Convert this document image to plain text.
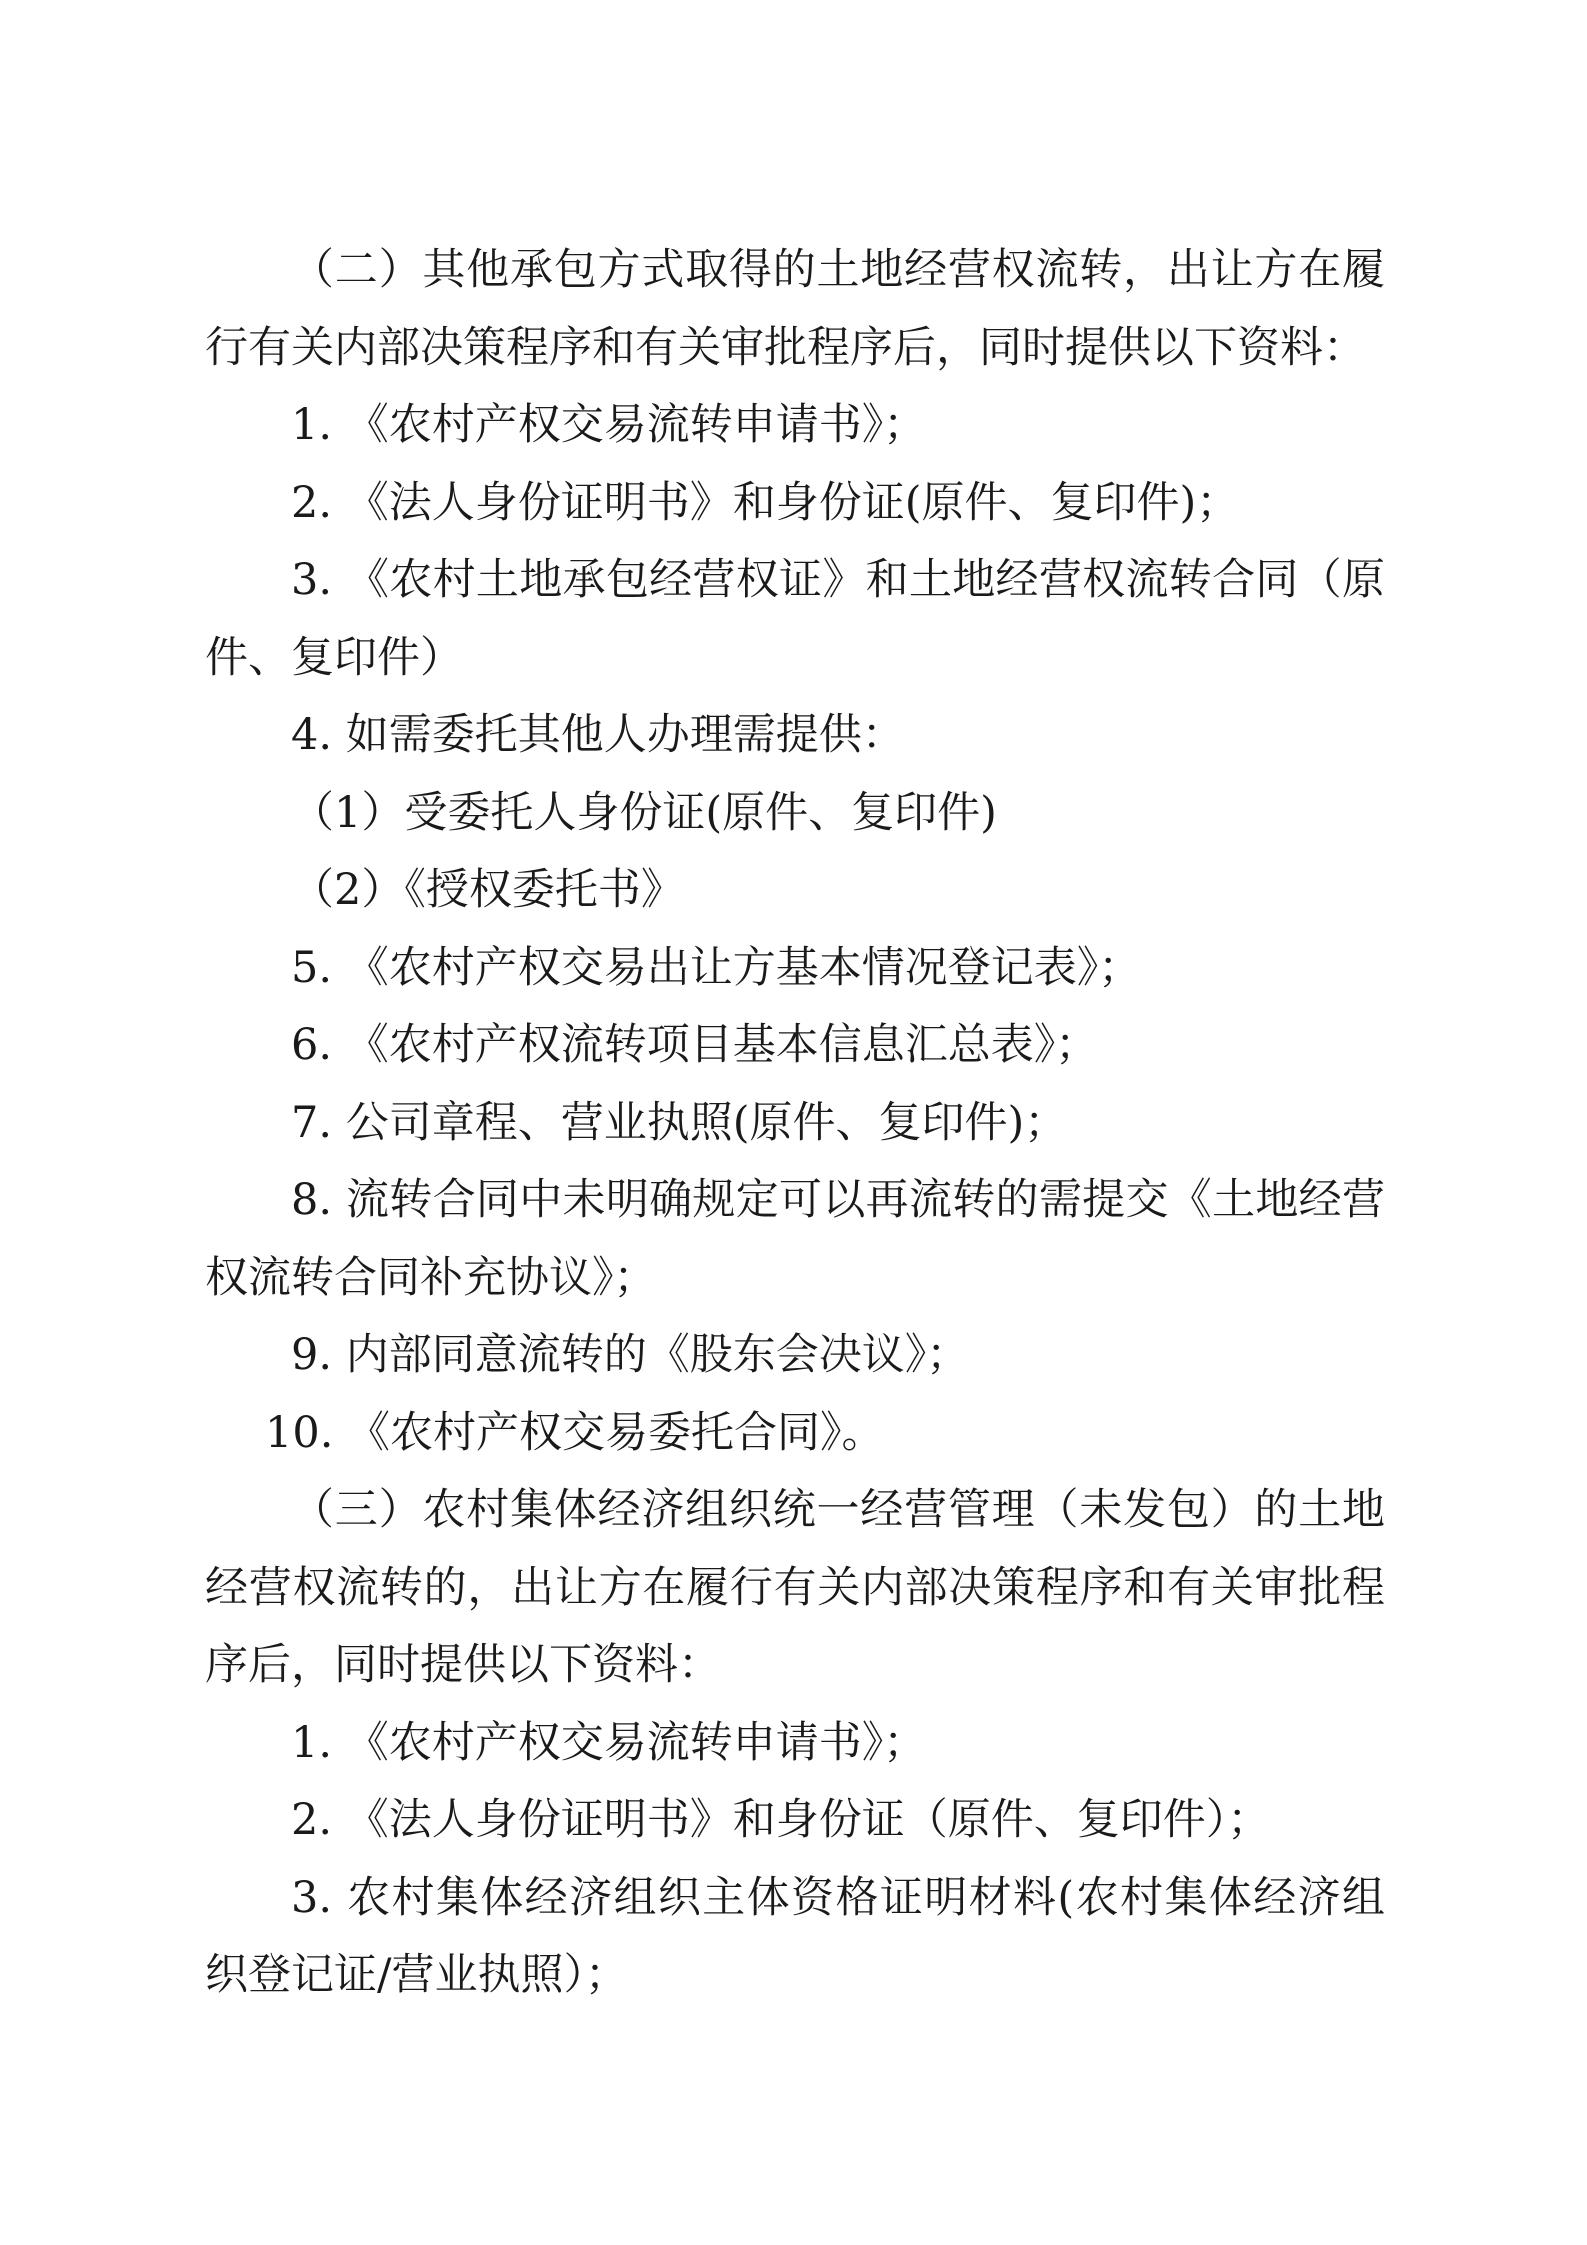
（二）其他承包方式取得的土地经营权流转，出让方在履行有关内部决策程序和有关审批程序后，同时提供以下资料：

1. 《农村产权交易流转申请书》；

2. 《法人身份证明书》和身份证(原件、复印件)；

3. 《农村土地承包经营权证》和土地经营权流转合同（原件、复印件）

4. 如需委托其他人办理需提供：

（1）受委托人身份证(原件、复印件)

（2）《授权委托书》

5. 《农村产权交易出让方基本情况登记表》；

6. 《农村产权流转项目基本信息汇总表》；

7. 公司章程、营业执照(原件、复印件)；

8. 流转合同中未明确规定可以再流转的需提交《土地经营权流转合同补充协议》；

9. 内部同意流转的《股东会决议》；

10. 《农村产权交易委托合同》。

（三）农村集体经济组织统一经营管理（未发包）的土地经营权流转的，出让方在履行有关内部决策程序和有关审批程序后，同时提供以下资料：

1. 《农村产权交易流转申请书》；

2. 《法人身份证明书》和身份证（原件、复印件）；

3. 农村集体经济组织主体资格证明材料(农村集体经济组织登记证/营业执照）；
